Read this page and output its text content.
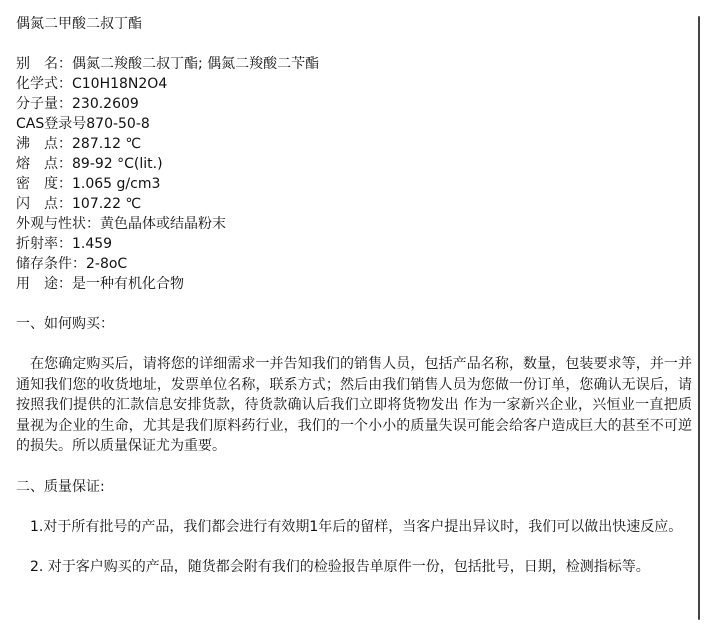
偶氮二甲酸二叔丁酯
别　名：偶氮二羧酸二叔丁酯; 偶氮二羧酸二苄酯
化学式：C10H18N2O4
分子量：230.2609
CAS登录号870-50-8
沸　点：287.12 ℃
熔　点：89-92 °C(lit.)
密　度：1.065 g/cm3
闪　点：107.22 ℃
外观与性状：黄色晶体或结晶粉末
折射率：1.459
储存条件：2-8oC
用　途：是一种有机化合物
一、如何购买：
　在您确定购买后，请将您的详细需求一并告知我们的销售人员，包括产品名称，数量，包装要求等，并一并通知我们您的收货地址，发票单位名称，联系方式；然后由我们销售人员为您做一份订单，您确认无误后，请按照我们提供的汇款信息安排货款，待货款确认后我们立即将货物发出 作为一家新兴企业，兴恒业一直把质量视为企业的生命，尤其是我们原料药行业，我们的一个小小的质量失误可能会给客户造成巨大的甚至不可逆的损失。所以质量保证尤为重要。
二、质量保证:
　1.对于所有批号的产品，我们都会进行有效期1年后的留样，当客户提出异议时，我们可以做出快速反应。
　2. 对于客户购买的产品，随货都会附有我们的检验报告单原件一份，包括批号，日期，检测指标等。
